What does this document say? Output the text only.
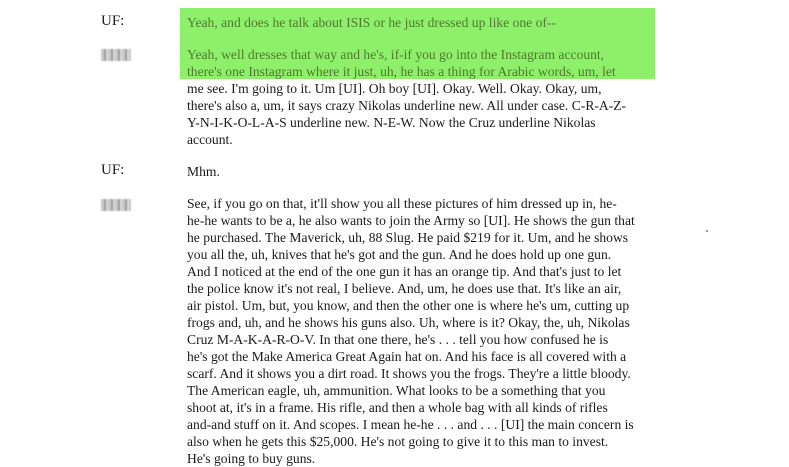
UF:	Yeah, and does he talk about ISIS or he just dressed up like one of--
Yeah, well dresses that way and he's, if-if you go into the Instagram account,
there's one Instagram where it just, uh, he has a thing for Arabic words, um, let
me see. I'm going to it. Um [UI]. Oh boy [UI]. Okay. Well. Okay. Okay, um,
there's also a, um, it says crazy Nikolas underline new. All under case. C-R-A-Z-
Y-N-I-K-O-L-A-S underline new. N-E-W. Now the Cruz underline Nikolas
account.
UF:	Mhm.
See, if you go on that, it'll show you all these pictures of him dressed up in, he-
he-he wants to be a, he also wants to join the Army so [UI]. He shows the gun that
he purchased. The Maverick, uh, 88 Slug. He paid $219 for it. Um, and he shows
you all the, uh, knives that he's got and the gun. And he does hold up one gun.
And I noticed at the end of the one gun it has an orange tip. And that's just to let
the police know it's not real, I believe. And, um, he does use that. It's like an air,
air pistol. Um, but, you know, and then the other one is where he's um, cutting up
frogs and, uh, and he shows his guns also. Uh, where is it? Okay, the, uh, Nikolas
Cruz M-A-K-A-R-O-V. In that one there, he's . . . tell you how confused he is
he's got the Make America Great Again hat on. And his face is all covered with a
scarf. And it shows you a dirt road. It shows you the frogs. They're a little bloody.
The American eagle, uh, ammunition. What looks to be a something that you
shoot at, it's in a frame. His rifle, and then a whole bag with all kinds of rifles
and-and stuff on it. And scopes. I mean he-he . . . and . . . [UI] the main concern is
also when he gets this $25,000. He's not going to give it to this man to invest.
He's going to buy guns.
